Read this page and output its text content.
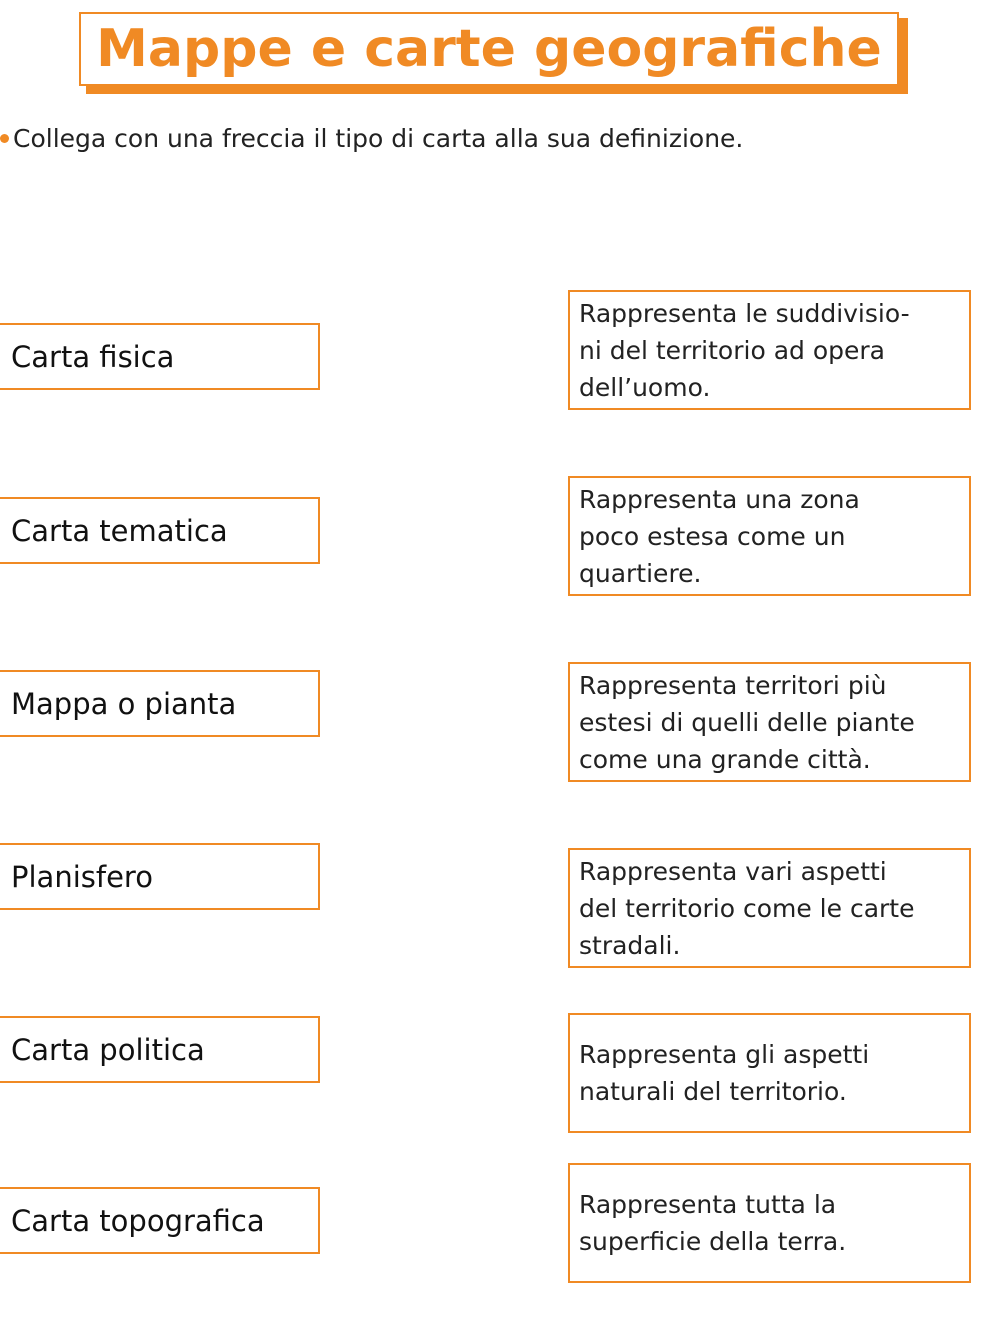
Mappe e carte geografiche
Collega con una freccia il tipo di carta alla sua definizione.
Carta fisica
Carta tematica
Mappa o pianta
Planisfero
Carta politica
Carta topografica
Rappresenta le suddivisio-
ni del territorio ad opera
dell’uomo.
Rappresenta una zona
poco estesa come un
quartiere.
Rappresenta territori più
estesi di quelli delle piante
come una grande città.
Rappresenta vari aspetti
del territorio come le carte
stradali.
Rappresenta gli aspetti
naturali del territorio.
Rappresenta tutta la
superficie della terra.
